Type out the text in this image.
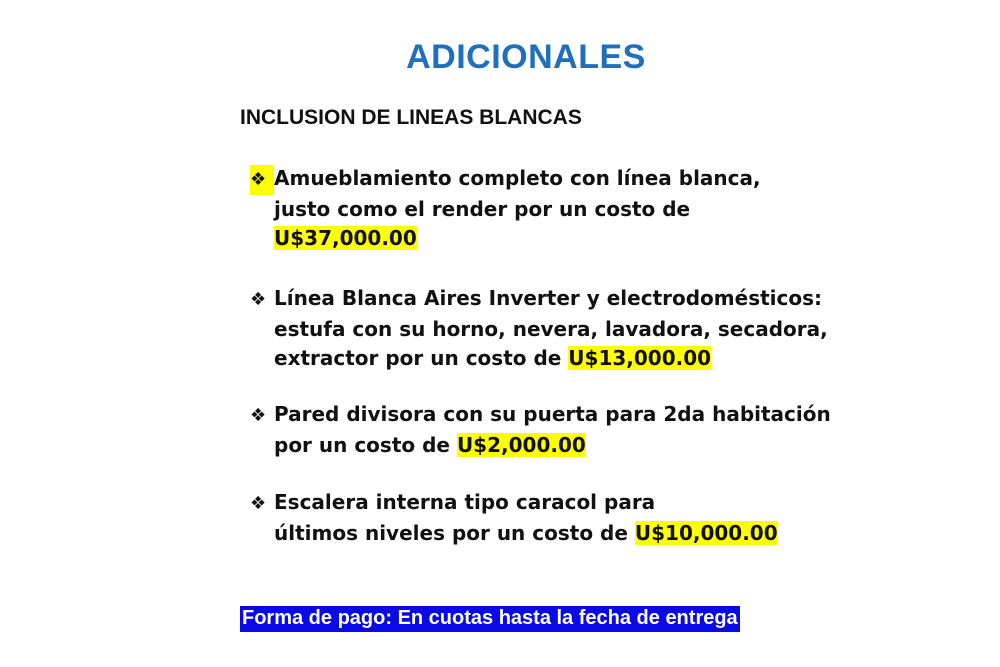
ADICIONALES
INCLUSION DE LINEAS BLANCAS
❖ Amueblamiento completo con línea blanca,
justo como el render por un costo de
U$37,000.00
❖ Línea Blanca Aires Inverter y electrodomésticos:
estufa con su horno, nevera, lavadora, secadora,
extractor por un costo de U$13,000.00
❖ Pared divisora con su puerta para 2da habitación
por un costo de U$2,000.00
❖ Escalera interna tipo caracol para
últimos niveles por un costo de U$10,000.00
Forma de pago: En cuotas hasta la fecha de entrega
